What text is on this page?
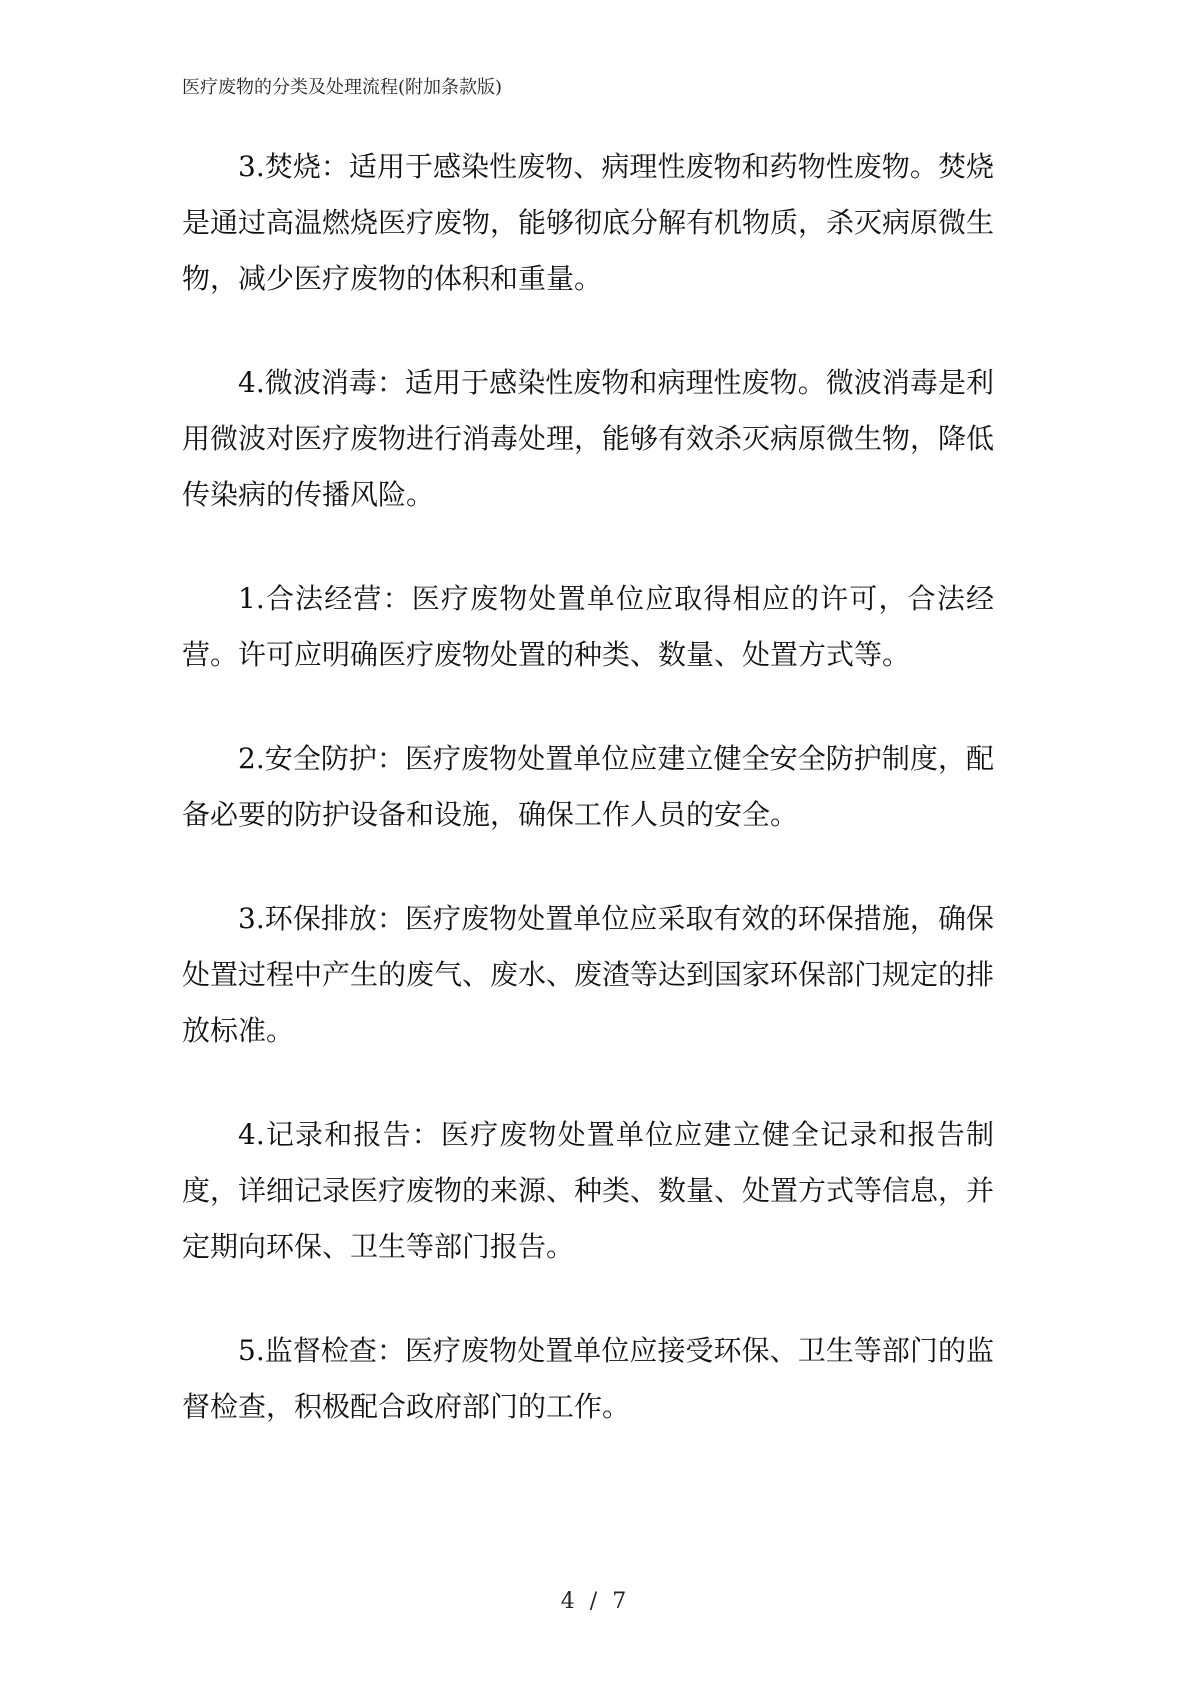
医疗废物的分类及处理流程(附加条款版)

3.焚烧：适用于感染性废物、病理性废物和药物性废物。焚烧是通过高温燃烧医疗废物，能够彻底分解有机物质，杀灭病原微生物，减少医疗废物的体积和重量。

4.微波消毒：适用于感染性废物和病理性废物。微波消毒是利用微波对医疗废物进行消毒处理，能够有效杀灭病原微生物，降低传染病的传播风险。

1.合法经营：医疗废物处置单位应取得相应的许可，合法经营。许可应明确医疗废物处置的种类、数量、处置方式等。

2.安全防护：医疗废物处置单位应建立健全安全防护制度，配备必要的防护设备和设施，确保工作人员的安全。

3.环保排放：医疗废物处置单位应采取有效的环保措施，确保处置过程中产生的废气、废水、废渣等达到国家环保部门规定的排放标准。

4.记录和报告：医疗废物处置单位应建立健全记录和报告制度，详细记录医疗废物的来源、种类、数量、处置方式等信息，并定期向环保、卫生等部门报告。

5.监督检查：医疗废物处置单位应接受环保、卫生等部门的监督检查，积极配合政府部门的工作。

4 / 7
